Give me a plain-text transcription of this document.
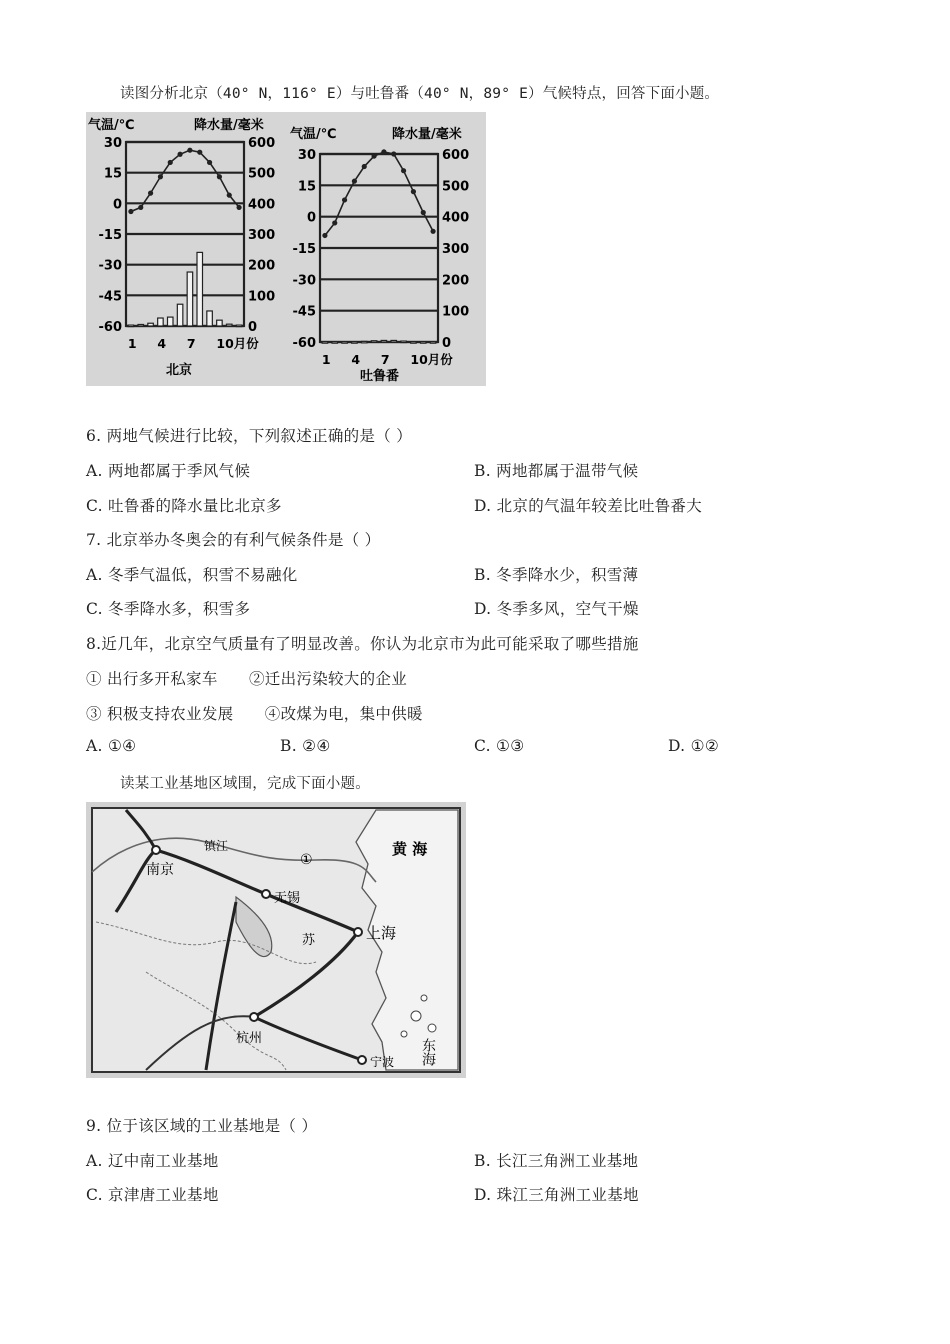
读图分析北京（40° N，116° E）与吐鲁番（40° N，89° E）气候特点，回答下面小题。
气温/℃	降水量/毫米
北京
气温/℃	降水量/毫米
吐鲁番
30
15
0
-15
-30
-45
-60
600
500
400
300
200
100
0
1 4 7 10月份
30
15
0
-15
-30
-45
-60
600
500
400
300
200
100
0
1 4 7 10月份
6. 两地气候进行比较，下列叙述正确的是（ ）
A. 两地都属于季风气候	B. 两地都属于温带气候
C. 吐鲁番的降水量比北京多	D. 北京的气温年较差比吐鲁番大
7. 北京举办冬奥会的有利气候条件是（ ）
A. 冬季气温低，积雪不易融化	B. 冬季降水少，积雪薄
C. 冬季降水多，积雪多	D. 冬季多风，空气干燥
8.近几年，北京空气质量有了明显改善。你认为北京市为此可能采取了哪些措施
① 出行多开私家车      ②迁出污染较大的企业
③ 积极支持农业发展      ④改煤为电，集中供暖
A. ①④	B. ②④	C. ①③	D. ①②
读某工业基地区域围，完成下面小题。
南京
镇江
①
黄 海
无锡
上海
苏
杭州
宁波 东海
9. 位于该区域的工业基地是（ ）
A. 辽中南工业基地	B. 长江三角洲工业基地
C. 京津唐工业基地	D. 珠江三角洲工业基地
